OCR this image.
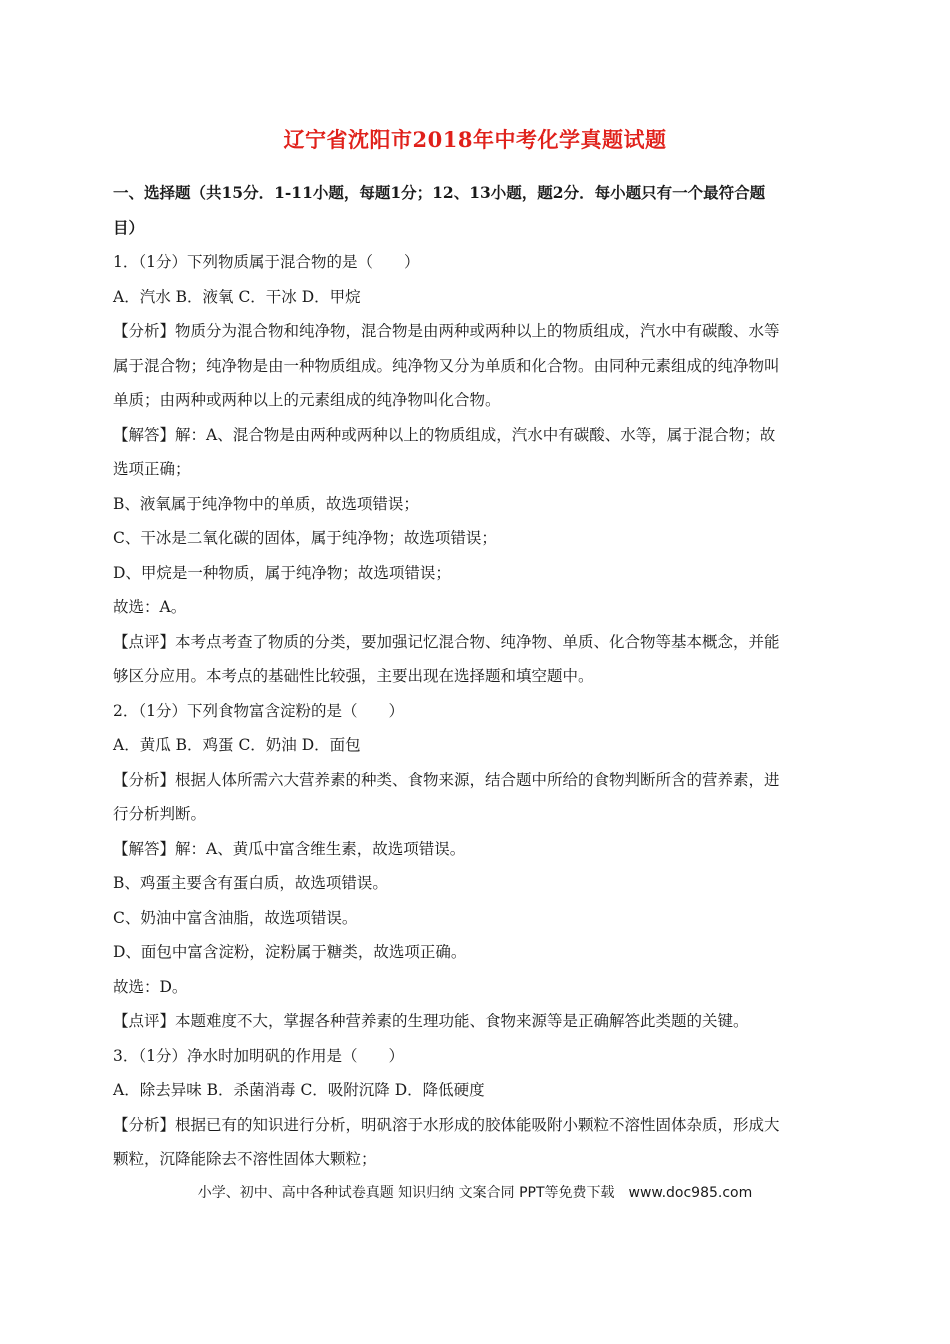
辽宁省沈阳市2018年中考化学真题试题
一、选择题（共15分．1-11小题，每题1分；12、13小题，题2分．每小题只有一个最符合题
目）
1．（1分）下列物质属于混合物的是（　　）
A．汽水 B．液氧 C．干冰 D．甲烷
【分析】物质分为混合物和纯净物，混合物是由两种或两种以上的物质组成，汽水中有碳酸、水等
属于混合物；纯净物是由一种物质组成。纯净物又分为单质和化合物。由同种元素组成的纯净物叫
单质；由两种或两种以上的元素组成的纯净物叫化合物。
【解答】解：A、混合物是由两种或两种以上的物质组成，汽水中有碳酸、水等，属于混合物；故
选项正确；
B、液氧属于纯净物中的单质，故选项错误；
C、干冰是二氧化碳的固体，属于纯净物；故选项错误；
D、甲烷是一种物质，属于纯净物；故选项错误；
故选：A。
【点评】本考点考查了物质的分类，要加强记忆混合物、纯净物、单质、化合物等基本概念，并能
够区分应用。本考点的基础性比较强，主要出现在选择题和填空题中。
2．（1分）下列食物富含淀粉的是（　　）
A．黄瓜 B．鸡蛋 C．奶油 D．面包
【分析】根据人体所需六大营养素的种类、食物来源，结合题中所给的食物判断所含的营养素，进
行分析判断。
【解答】解：A、黄瓜中富含维生素，故选项错误。
B、鸡蛋主要含有蛋白质，故选项错误。
C、奶油中富含油脂，故选项错误。
D、面包中富含淀粉，淀粉属于糖类，故选项正确。
故选：D。
【点评】本题难度不大，掌握各种营养素的生理功能、食物来源等是正确解答此类题的关键。
3．（1分）净水时加明矾的作用是（　　）
A．除去异味 B．杀菌消毒 C．吸附沉降 D．降低硬度
【分析】根据已有的知识进行分析，明矾溶于水形成的胶体能吸附小颗粒不溶性固体杂质，形成大
颗粒，沉降能除去不溶性固体大颗粒；
小学、初中、高中各种试卷真题 知识归纳 文案合同 PPT等免费下载　www.doc985.com
